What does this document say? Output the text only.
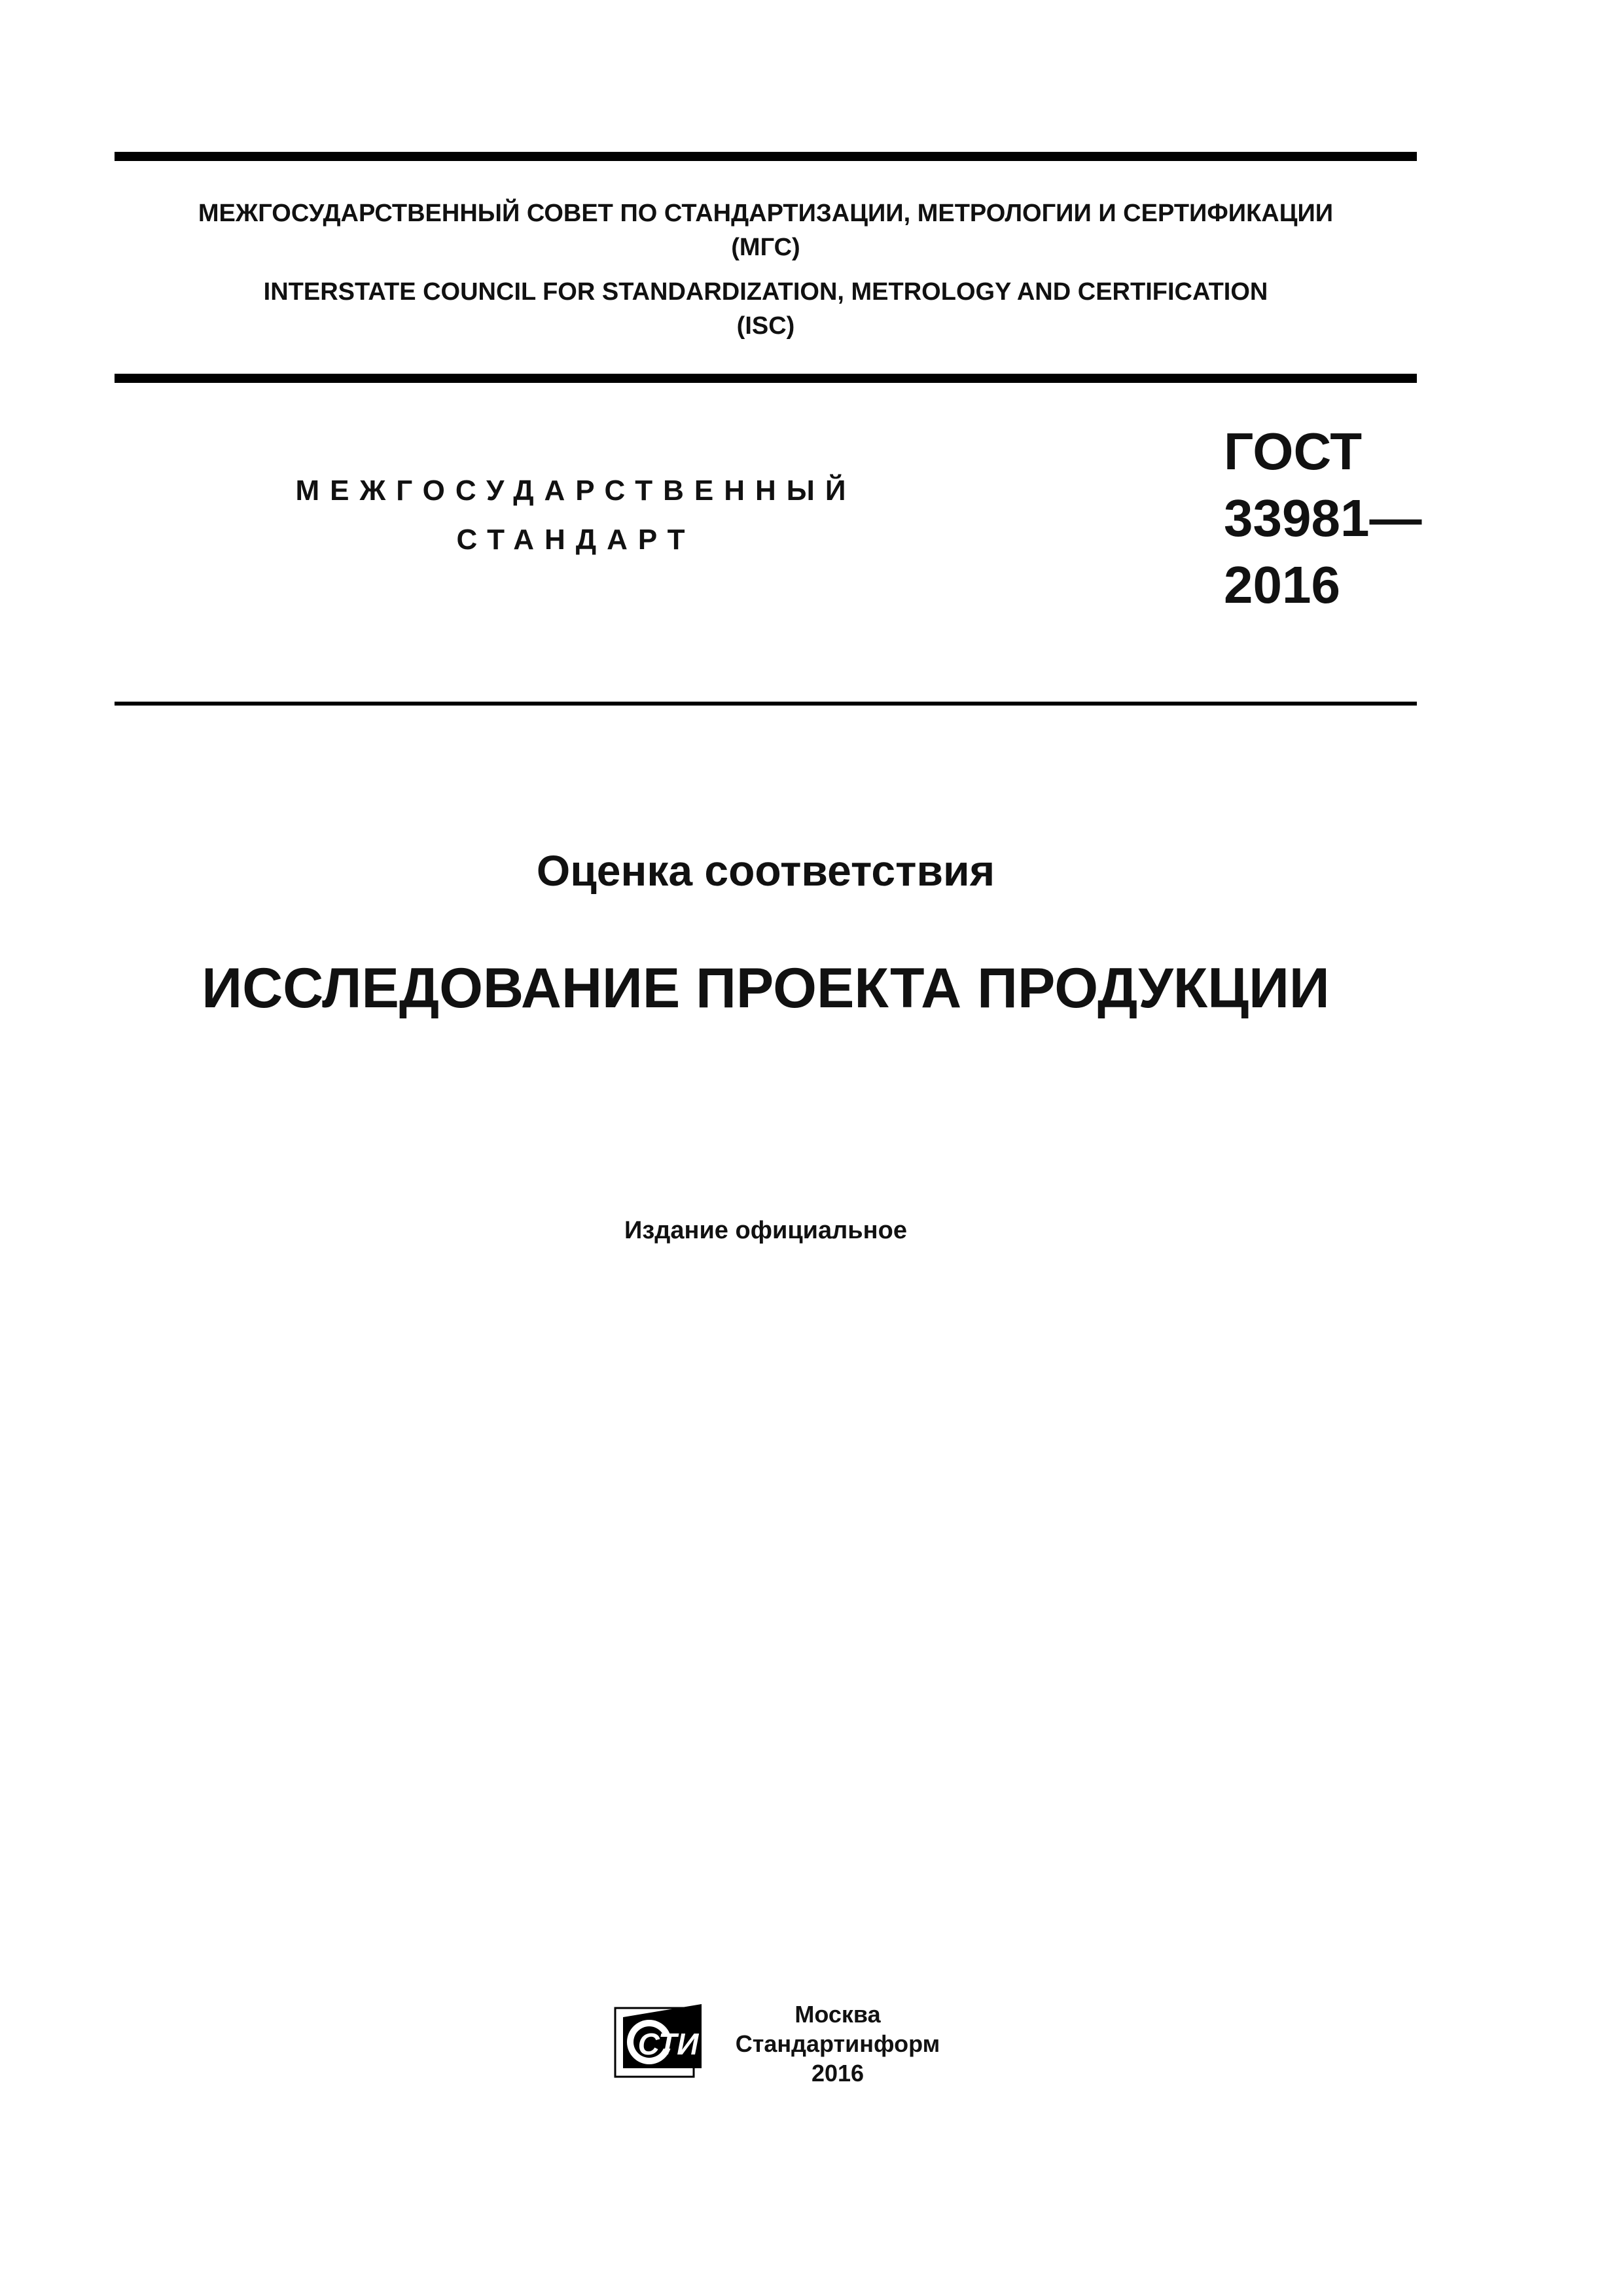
МЕЖГОСУДАРСТВЕННЫЙ СОВЕТ ПО СТАНДАРТИЗАЦИИ, МЕТРОЛОГИИ И СЕРТИФИКАЦИИ
(МГС)
INTERSTATE COUNCIL FOR STANDARDIZATION, METROLOGY AND CERTIFICATION
(ISC)
МЕЖГОСУДАРСТВЕННЫЙ
СТАНДАРТ
ГОСТ
33981—
2016
Оценка соответствия
ИССЛЕДОВАНИЕ ПРОЕКТА ПРОДУКЦИИ
Издание официальное
СТИ
Москва
Стандартинформ
2016
